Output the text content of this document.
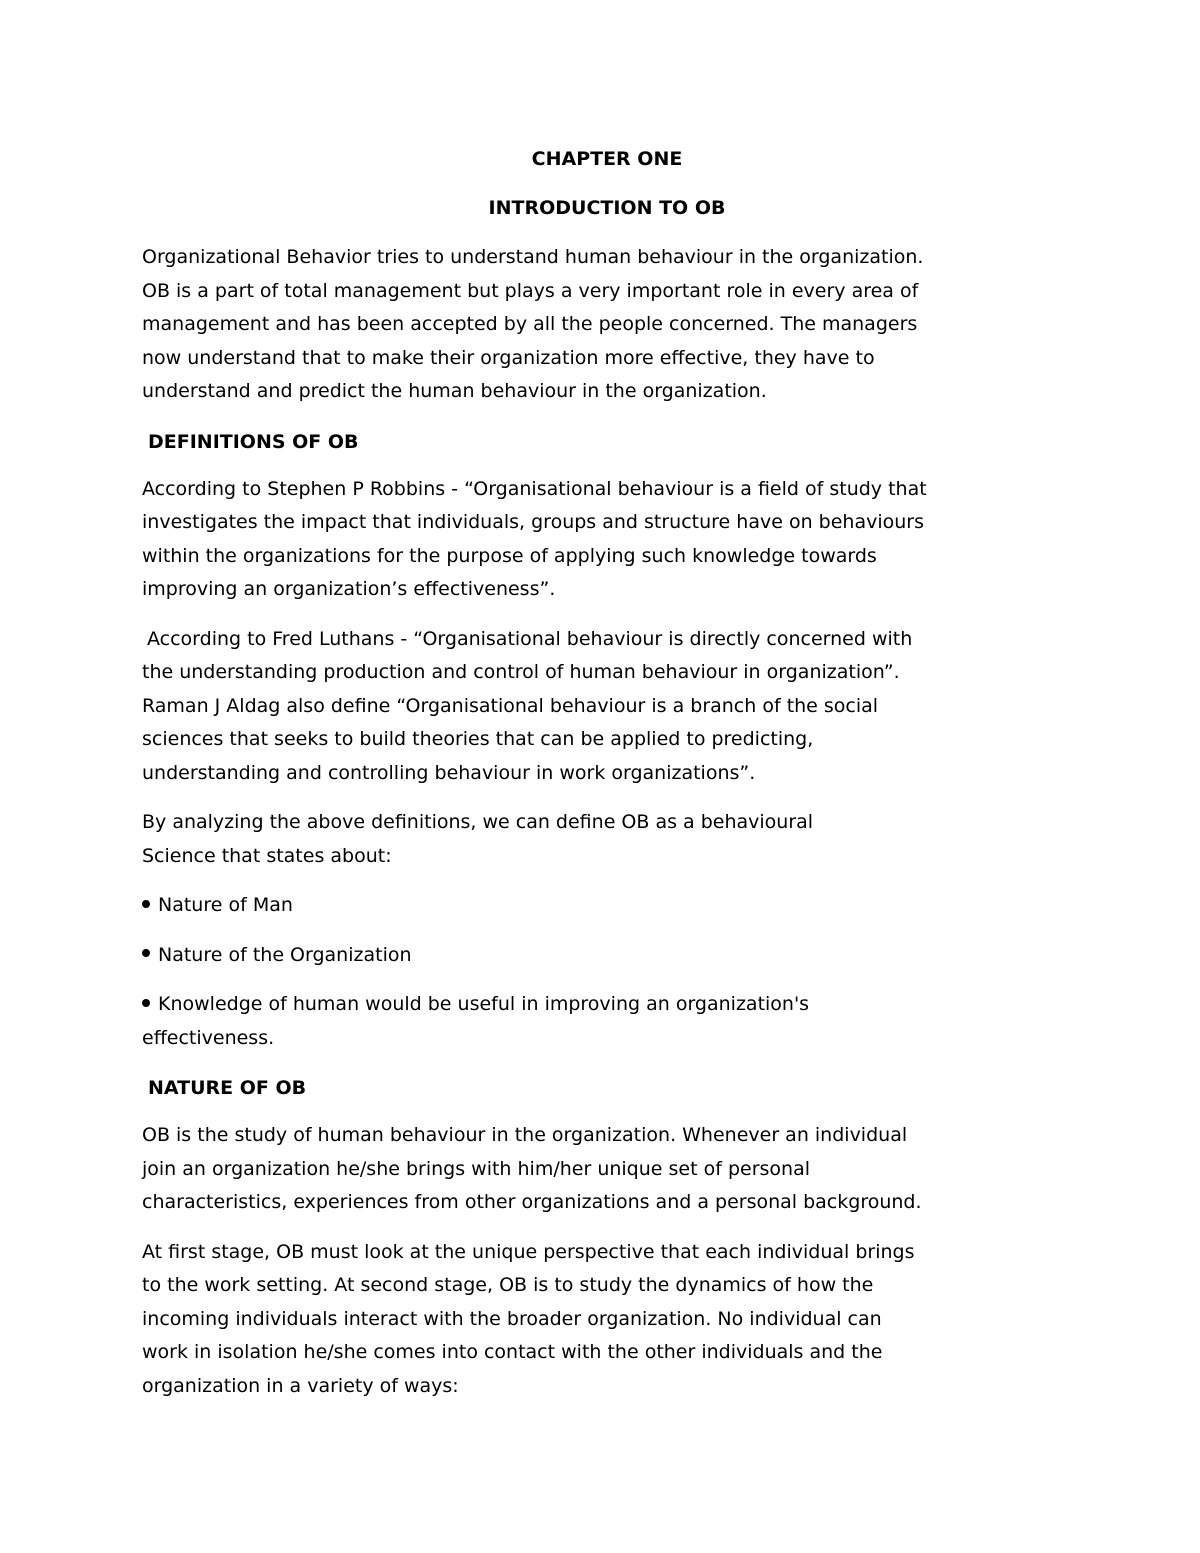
CHAPTER ONE
INTRODUCTION TO OB
Organizational Behavior tries to understand human behaviour in the organization.
OB is a part of total management but plays a very important role in every area of
management and has been accepted by all the people concerned. The managers
now understand that to make their organization more effective, they have to
understand and predict the human behaviour in the organization.
DEFINITIONS OF OB
According to Stephen P Robbins - “Organisational behaviour is a field of study that
investigates the impact that individuals, groups and structure have on behaviours
within the organizations for the purpose of applying such knowledge towards
improving an organization’s effectiveness”.
According to Fred Luthans - “Organisational behaviour is directly concerned with
the understanding production and control of human behaviour in organization”.
Raman J Aldag also define “Organisational behaviour is a branch of the social
sciences that seeks to build theories that can be applied to predicting,
understanding and controlling behaviour in work organizations”.
By analyzing the above definitions, we can define OB as a behavioural
Science that states about:
Nature of Man
Nature of the Organization
Knowledge of human would be useful in improving an organization's
effectiveness.
NATURE OF OB
OB is the study of human behaviour in the organization. Whenever an individual
join an organization he/she brings with him/her unique set of personal
characteristics, experiences from other organizations and a personal background.
At first stage, OB must look at the unique perspective that each individual brings
to the work setting. At second stage, OB is to study the dynamics of how the
incoming individuals interact with the broader organization. No individual can
work in isolation he/she comes into contact with the other individuals and the
organization in a variety of ways:
